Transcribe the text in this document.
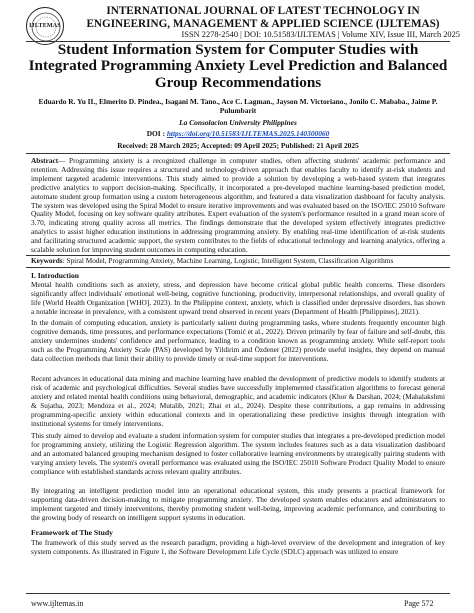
IJLTEMAS
INTERNATIONAL JOURNAL OF LATEST TECHNOLOGY IN ENGINEERING, MANAGEMENT & APPLIED SCIENCE (IJLTEMAS)
ISSN 2278-2540 | DOI: 10.51583/IJLTEMAS | Volume XIV, Issue III, March 2025
Student Information System for Computer Studies with Integrated Programming Anxiety Level Prediction and Balanced Group Recommendations
Eduardo R. Yu II., Elmerito D. Pindea., Isagani M. Tano., Ace C. Lagman., Jayson M. Victoriano., Jonilo C. Mababa., Jaime P. Pulumbarit
La Consolacion University Philippines
DOI : https://doi.org/10.51583/IJLTEMAS.2025.140300060
Received: 28 March 2025; Accepted: 09 April 2025; Published: 21 April 2025

Abstract— Programming anxiety is a recognized challenge in computer studies, often affecting students' academic performance and retention. Addressing this issue requires a structured and technology-driven approach that enables faculty to identify at-risk students and implement targeted academic interventions. This study aimed to provide a solution by developing a web-based system that integrates predictive analytics to support decision-making. Specifically, it incorporated a pre-developed machine learning-based prediction model, automate student group formation using a custom heterogeneous algorithm, and featured a data visualization dashboard for faculty analysis. The system was developed using the Spiral Model to ensure iterative improvements and was evaluated based on the ISO/IEC 25010 Software Quality Model, focusing on key software quality attributes. Expert evaluation of the system's performance resulted in a grand mean score of 3.70, indicating strong quality across all metrics. The findings demonstrate that the developed system effectively integrates predictive analytics to assist higher education institutions in addressing programming anxiety. By enabling real-time identification of at-risk students and facilitating structured academic support, the system contributes to the fields of educational technology and learning analytics, offering a scalable solution for improving student outcomes in computing education.

Keywords: Spiral Model, Programming Anxiety, Machine Learning, Logistic, Intelligent System, Classification Algorithms

I. Introduction

Mental health conditions such as anxiety, stress, and depression have become critical global public health concerns. These disorders significantly affect individuals' emotional well-being, cognitive functioning, productivity, interpersonal relationships, and overall quality of life (World Health Organization [WHO], 2023). In the Philippine context, anxiety, which is classified under depressive disorders, has shown a notable increase in prevalence, with a consistent upward trend observed in recent years (Department of Health [Philippines], 2021).

In the domain of computing education, anxiety is particularly salient during programming tasks, where students frequently encounter high cognitive demands, time pressures, and performance expectations (Tomić et al., 2022). Driven primarily by fear of failure and self-doubt, this anxiety undermines students' confidence and performance, leading to a condition known as programming anxiety. While self-report tools such as the Programming Anxiety Scale (PAS) developed by Yildirim and Özdener (2022) provide useful insights, they depend on manual data collection methods that limit their ability to provide timely or real-time support for interventions.

Recent advances in educational data mining and machine learning have enabled the development of predictive models to identify students at risk of academic and psychological difficulties. Several studies have successfully implemented classification algorithms to forecast general anxiety and related mental health conditions using behavioral, demographic, and academic indicators (Khor & Darshan, 2024; (Mahalakshmi & Sujatha, 2023; Mendoza et al., 2024; Mutalib, 2021; Zhai et al., 2024). Despite these contributions, a gap remains in addressing programming-specific anxiety within educational contexts and in operationalizing these predictive insights through integration with institutional systems for timely interventions.

This study aimed to develop and evaluate a student information system for computer studies that integrates a pre-developed prediction model for programming anxiety, utilizing the Logistic Regression algorithm. The system includes features such as a data visualization dashboard and an automated balanced grouping mechanism designed to foster collaborative learning environments by strategically pairing students with varying anxiety levels. The system's overall performance was evaluated using the ISO/IEC 25010 Software Product Quality Model to ensure compliance with established standards across relevant quality attributes.

By integrating an intelligent prediction model into an operational educational system, this study presents a practical framework for supporting data-driven decision-making to mitigate programming anxiety. The developed system enables educators and administrators to implement targeted and timely interventions, thereby promoting student well-being, improving academic performance, and contributing to the growing body of research on intelligent support systems in education.

Framework of The Study

The framework of this study served as the research paradigm, providing a high-level overview of the development and integration of key system components. As illustrated in Figure 1, the Software Development Life Cycle (SDLC) approach was utilized to ensure

www.ijltemas.in	Page 572
